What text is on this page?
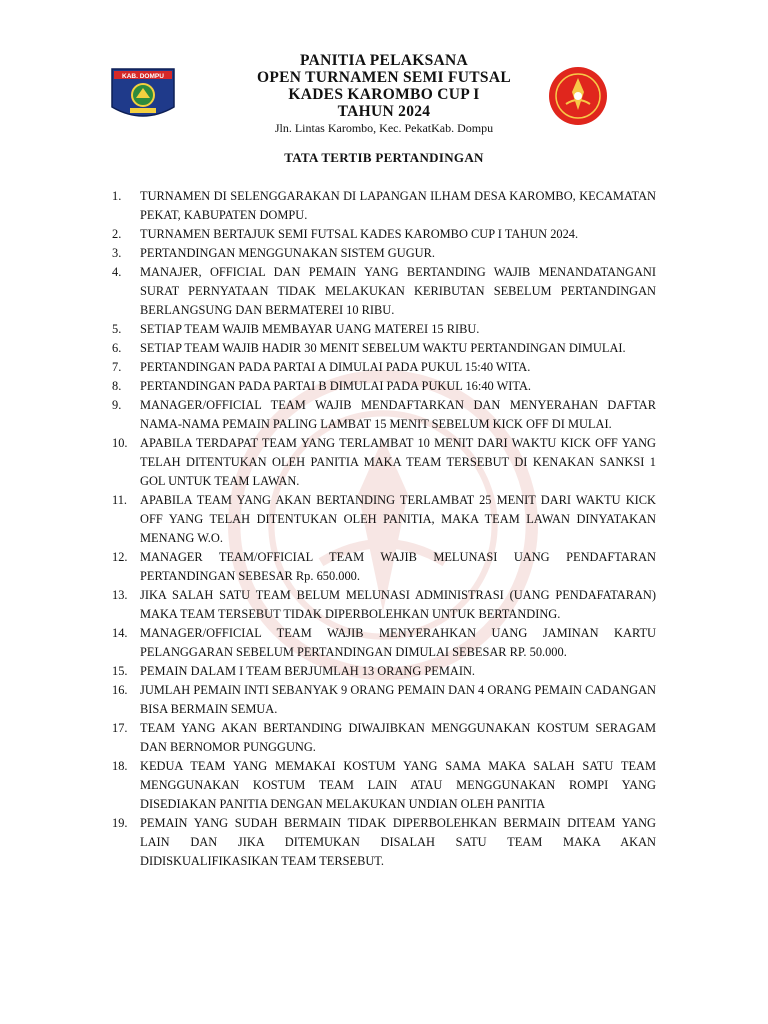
KAB. DOMPU
PANITIA PELAKSANA
OPEN TURNAMEN SEMI FUTSAL
KADES KAROMBO CUP I
TAHUN 2024
Jln. Lintas Karombo, Kec. PekatKab. Dompu
TATA TERTIB PERTANDINGAN
1.	TURNAMEN DI SELENGGARAKAN DI LAPANGAN ILHAM DESA KAROMBO, KECAMATAN PEKAT, KABUPATEN DOMPU.
2.	TURNAMEN BERTAJUK SEMI FUTSAL KADES KAROMBO CUP I TAHUN 2024.
3.	PERTANDINGAN MENGGUNAKAN SISTEM GUGUR.
4.	MANAJER, OFFICIAL DAN PEMAIN YANG BERTANDING WAJIB MENANDATANGANI SURAT PERNYATAAN TIDAK MELAKUKAN KERIBUTAN SEBELUM PERTANDINGAN BERLANGSUNG DAN BERMATEREI 10 RIBU.
5.	SETIAP TEAM WAJIB MEMBAYAR UANG MATEREI 15 RIBU.
6.	SETIAP TEAM WAJIB HADIR 30 MENIT SEBELUM WAKTU PERTANDINGAN DIMULAI.
7.	PERTANDINGAN PADA PARTAI A DIMULAI PADA PUKUL 15:40 WITA.
8.	PERTANDINGAN PADA PARTAI B DIMULAI PADA PUKUL 16:40 WITA.
9.	MANAGER/OFFICIAL TEAM WAJIB MENDAFTARKAN DAN MENYERAHAN DAFTAR NAMA-NAMA PEMAIN PALING LAMBAT 15 MENIT SEBELUM KICK OFF DI MULAI.
10.	APABILA TERDAPAT TEAM YANG TERLAMBAT 10 MENIT DARI WAKTU KICK OFF YANG TELAH DITENTUKAN OLEH PANITIA MAKA TEAM TERSEBUT DI KENAKAN SANKSI 1 GOL UNTUK TEAM LAWAN.
11.	APABILA TEAM YANG AKAN BERTANDING TERLAMBAT 25 MENIT DARI WAKTU KICK OFF YANG TELAH DITENTUKAN OLEH PANITIA, MAKA TEAM LAWAN DINYATAKAN MENANG W.O.
12.	MANAGER TEAM/OFFICIAL TEAM WAJIB MELUNASI UANG PENDAFTARAN PERTANDINGAN SEBESAR Rp. 650.000.
13.	JIKA SALAH SATU TEAM BELUM MELUNASI ADMINISTRASI (UANG PENDAFATARAN) MAKA TEAM TERSEBUT TIDAK DIPERBOLEHKAN UNTUK BERTANDING.
14.	MANAGER/OFFICIAL TEAM WAJIB MENYERAHKAN UANG JAMINAN KARTU PELANGGARAN SEBELUM PERTANDINGAN DIMULAI SEBESAR RP. 50.000.
15.	PEMAIN DALAM I TEAM BERJUMLAH 13 ORANG PEMAIN.
16.	JUMLAH PEMAIN INTI SEBANYAK 9 ORANG PEMAIN DAN 4 ORANG PEMAIN CADANGAN BISA BERMAIN SEMUA.
17.	TEAM YANG AKAN BERTANDING DIWAJIBKAN MENGGUNAKAN KOSTUM SERAGAM DAN BERNOMOR PUNGGUNG.
18.	KEDUA TEAM YANG MEMAKAI KOSTUM YANG SAMA MAKA SALAH SATU TEAM MENGGUNAKAN KOSTUM TEAM LAIN ATAU MENGGUNAKAN ROMPI YANG DISEDIAKAN PANITIA DENGAN MELAKUKAN UNDIAN OLEH PANITIA
19.	PEMAIN YANG SUDAH BERMAIN TIDAK DIPERBOLEHKAN BERMAIN DITEAM YANG LAIN DAN JIKA DITEMUKAN DISALAH SATU TEAM MAKA AKAN DIDISKUALIFIKASIKAN TEAM TERSEBUT.
